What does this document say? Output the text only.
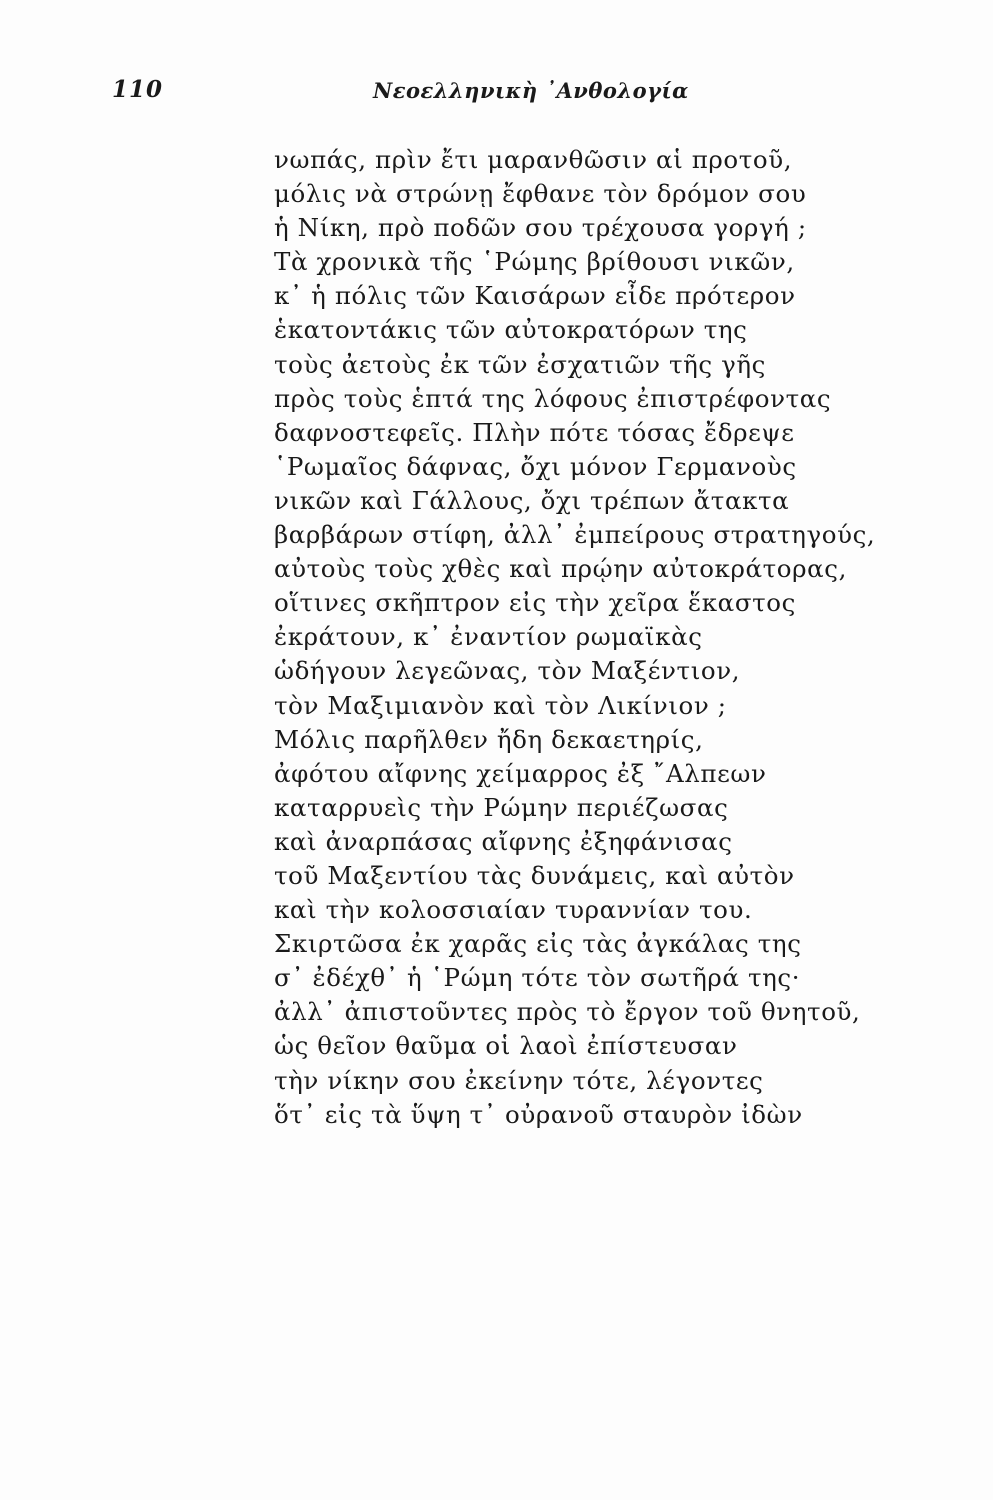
110	Νεοελληνικὴ ᾿Ανθολογία
νωπάς, πρὶν ἔτι μαρανθῶσιν αἱ προτοῦ,
μόλις νὰ στρώνῃ ἔφθανε τὸν δρόμον σου
ἡ Νίκη, πρὸ ποδῶν σου τρέχουσα γοργή ;
Τὰ χρονικὰ τῆς ῾Ρώμης βρίθουσι νικῶν,
κ᾽ ἡ πόλις τῶν Καισάρων εἶδε πρότερον
ἑκατοντάκις τῶν αὐτοκρατόρων της
τοὺς ἀετοὺς ἐκ τῶν ἐσχατιῶν τῆς γῆς
πρὸς τοὺς ἑπτά της λόφους ἐπιστρέφοντας
δαφνοστεφεῖς. Πλὴν πότε τόσας ἔδρεψε
῾Ρωμαῖος δάφνας, ὄχι μόνον Γερμανοὺς
νικῶν καὶ Γάλλους, ὄχι τρέπων ἄτακτα
βαρβάρων στίφη, ἀλλ᾽ ἐμπείρους στρατηγούς,
αὐτοὺς τοὺς χθὲς καὶ πρῴην αὐτοκράτορας,
οἵτινες σκῆπτρον εἰς τὴν χεῖρα ἕκαστος
ἐκράτουν, κ᾽ ἐναντίον ρωμαϊκὰς
ὡδήγουν λεγεῶνας, τὸν Μαξέντιον,
τὸν Μαξιμιανὸν καὶ τὸν Λικίνιον ;
Μόλις παρῆλθεν ἤδη δεκαετηρίς,
ἀφότου αἴφνης χείμαρρος ἐξ ῎Αλπεων
καταρρυεὶς τὴν Ρώμην περιέζωσας
καὶ ἀναρπάσας αἴφνης ἐξηφάνισας
τοῦ Μαξεντίου τὰς δυνάμεις, καὶ αὐτὸν
καὶ τὴν κολοσσιαίαν τυραννίαν του.
Σκιρτῶσα ἐκ χαρᾶς εἰς τὰς ἀγκάλας της
σ᾽ ἐδέχθ᾽ ἡ ῾Ρώμη τότε τὸν σωτῆρά της·
ἀλλ᾽ ἀπιστοῦντες πρὸς τὸ ἔργον τοῦ θνητοῦ,
ὡς θεῖον θαῦμα οἱ λαοὶ ἐπίστευσαν
τὴν νίκην σου ἐκείνην τότε, λέγοντες
ὅτ᾽ εἰς τὰ ὕψη τ᾽ οὐρανοῦ σταυρὸν ἰδὼν
